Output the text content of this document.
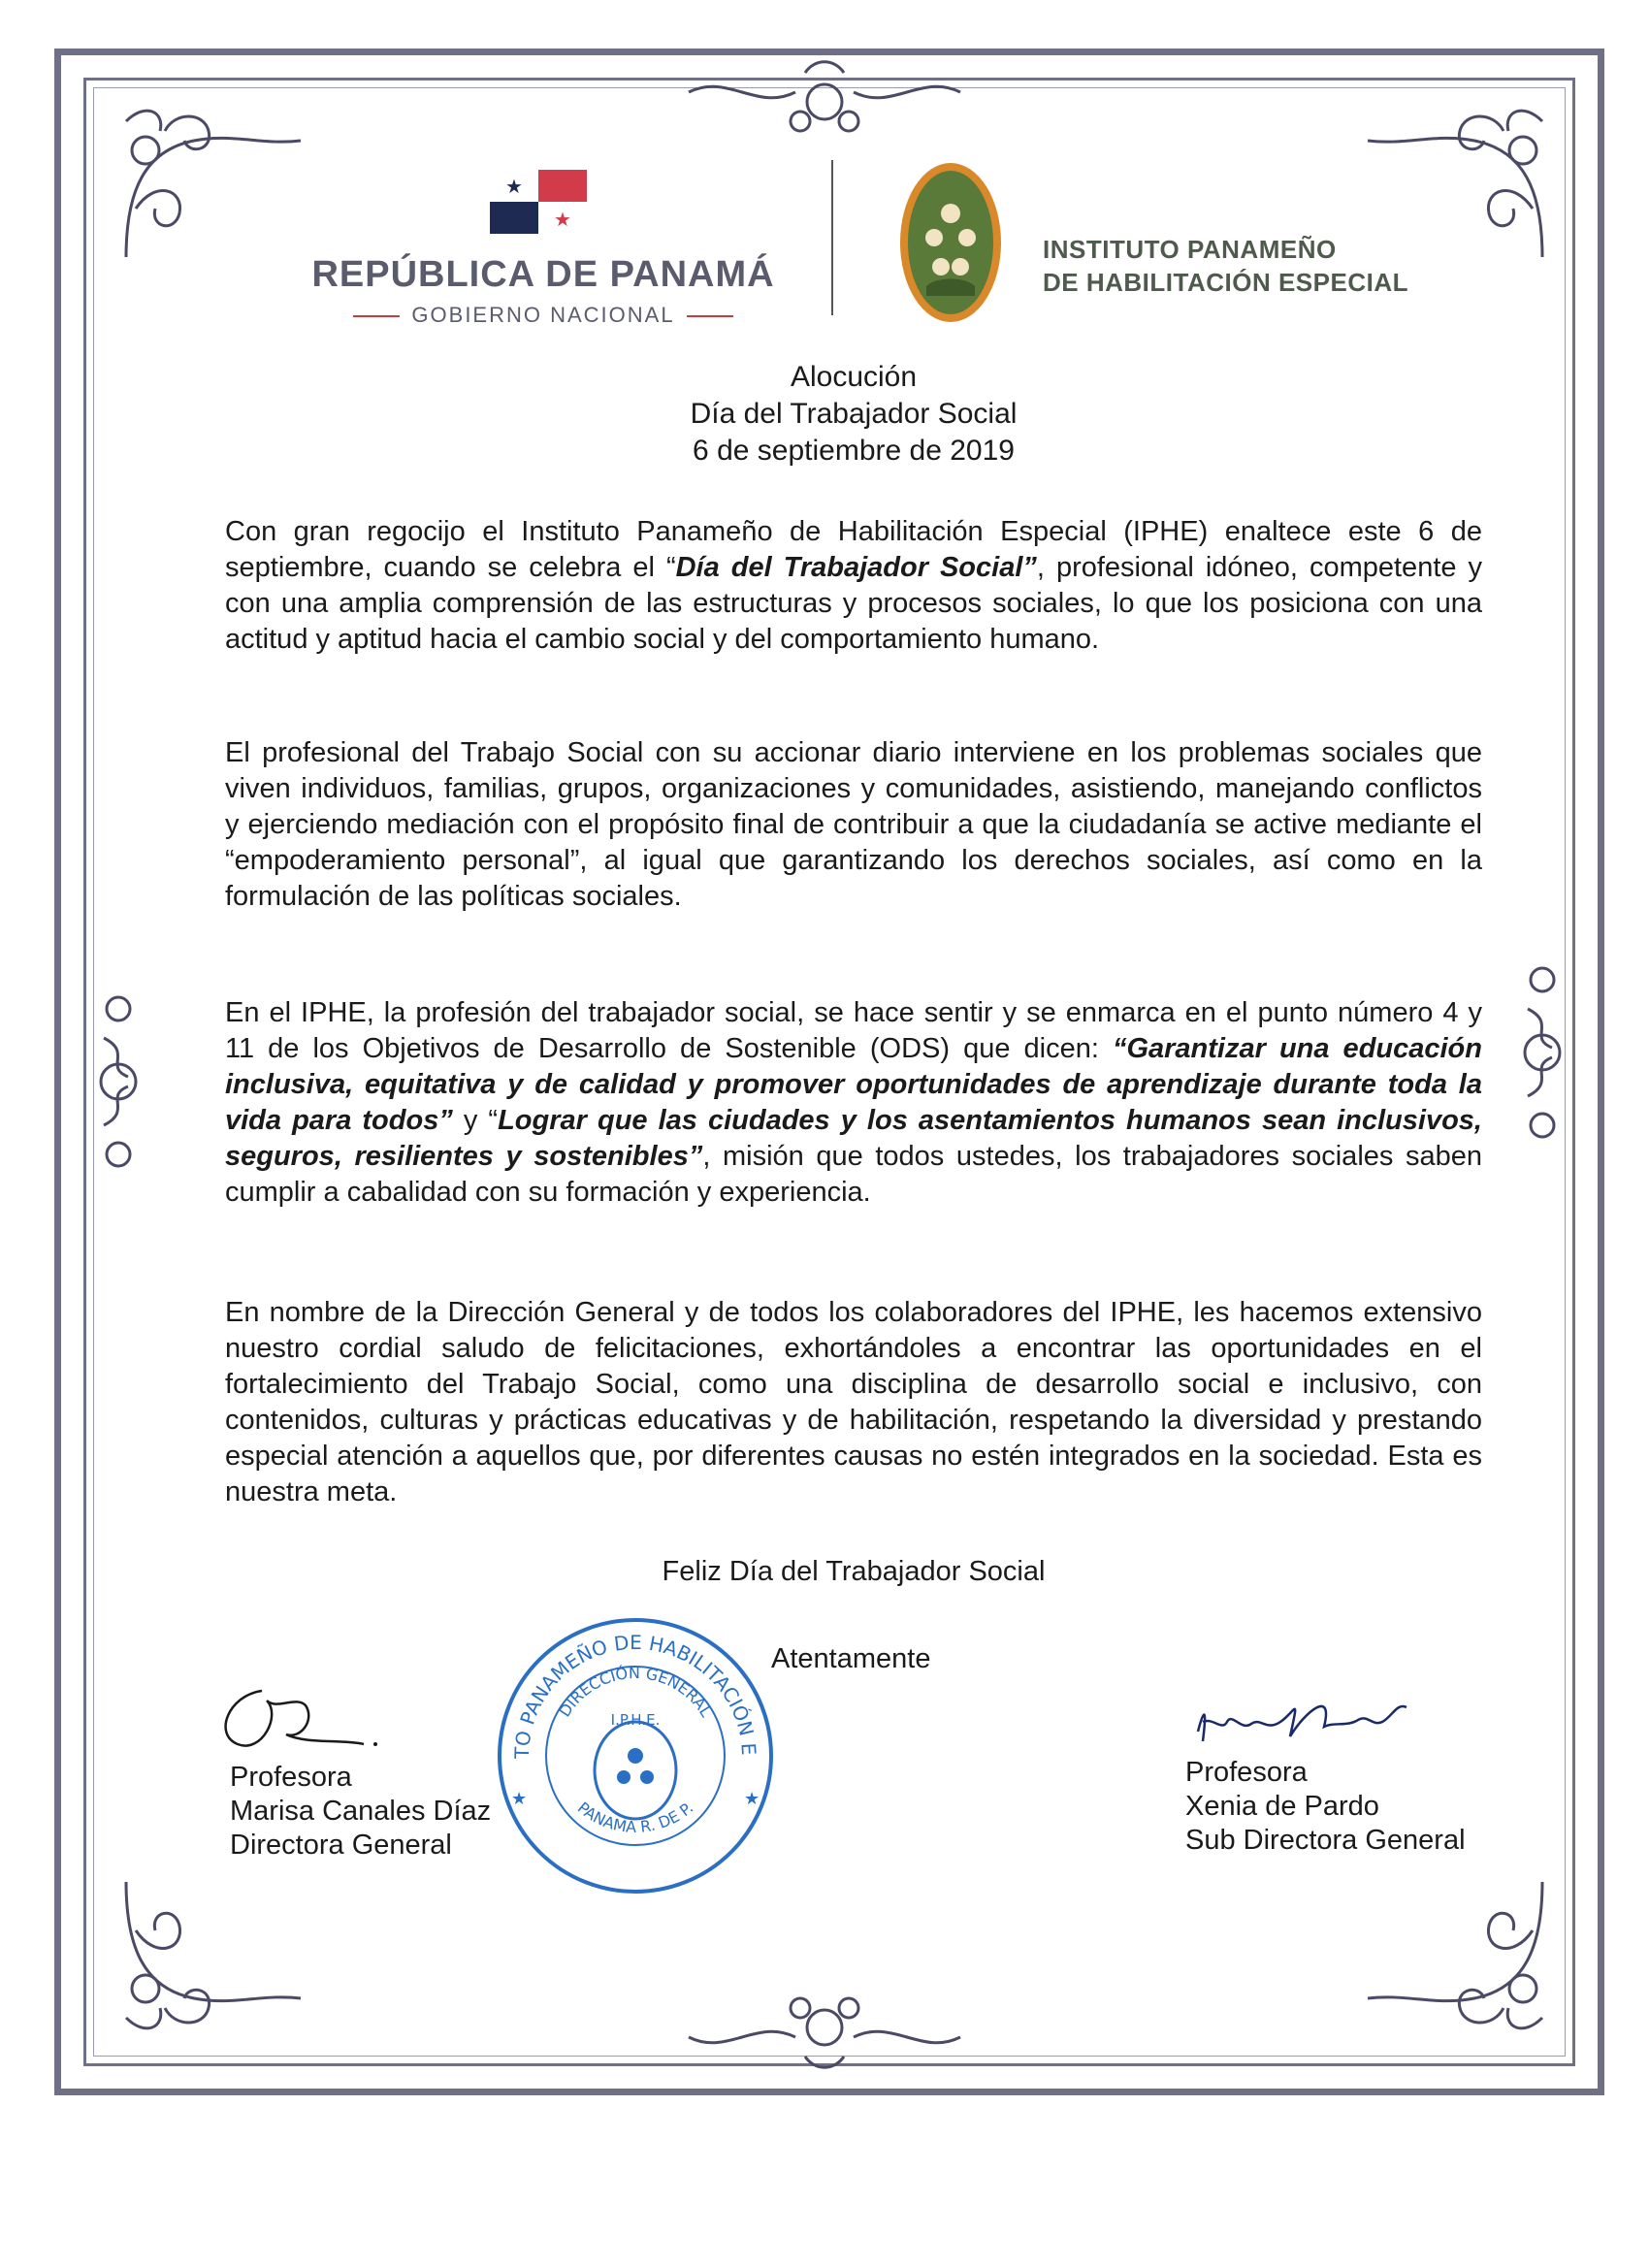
★
★
REPÚBLICA DE PANAMÁ
GOBIERNO NACIONAL
INSTITUTO PANAMEÑO
DE HABILITACIÓN ESPECIAL
Alocución
Día del Trabajador Social
6 de septiembre de 2019
Con gran regocijo el Instituto Panameño de Habilitación Especial (IPHE) enaltece este 6 de septiembre, cuando se celebra el “Día del Trabajador Social”, profesional idóneo, competente y con una amplia comprensión de las estructuras y procesos sociales, lo que los posiciona con una actitud y aptitud hacia el cambio social y del comportamiento humano.
El profesional del Trabajo Social con su accionar diario interviene en los problemas sociales que viven individuos, familias, grupos, organizaciones y comunidades, asistiendo, manejando conflictos y ejerciendo mediación con el propósito final de contribuir a que la ciudadanía se active mediante el “empoderamiento personal”, al igual que garantizando los derechos sociales, así como en la formulación de las políticas sociales.
En el IPHE, la profesión del trabajador social, se hace sentir y se enmarca en el punto número 4 y 11 de los Objetivos de Desarrollo de Sostenible (ODS) que dicen: “Garantizar una educación inclusiva, equitativa y de calidad y promover oportunidades de aprendizaje durante toda la vida para todos” y “Lograr que las ciudades y los asentamientos humanos sean inclusivos, seguros, resilientes y sostenibles”, misión que todos ustedes, los trabajadores sociales saben cumplir a cabalidad con su formación y experiencia.
En nombre de la Dirección General y de todos los colaboradores del IPHE, les hacemos extensivo nuestro cordial saludo de felicitaciones, exhortándoles a encontrar las oportunidades en el fortalecimiento del Trabajo Social, como una disciplina de desarrollo social e inclusivo, con contenidos, culturas y prácticas educativas y de habilitación, respetando la diversidad y prestando especial atención a aquellos que, por diferentes causas no estén integrados en la sociedad. Esta es nuestra meta.
Feliz Día del Trabajador Social
Atentamente
TO PANAMEÑO DE HABILITACIÓN E
DIRECCIÓN GENERAL
I.P.H.E.
PANAMÁ R. DE P.
★	★
Profesora
Marisa Canales Díaz
Directora General
Profesora
Xenia de Pardo
Sub Directora General
